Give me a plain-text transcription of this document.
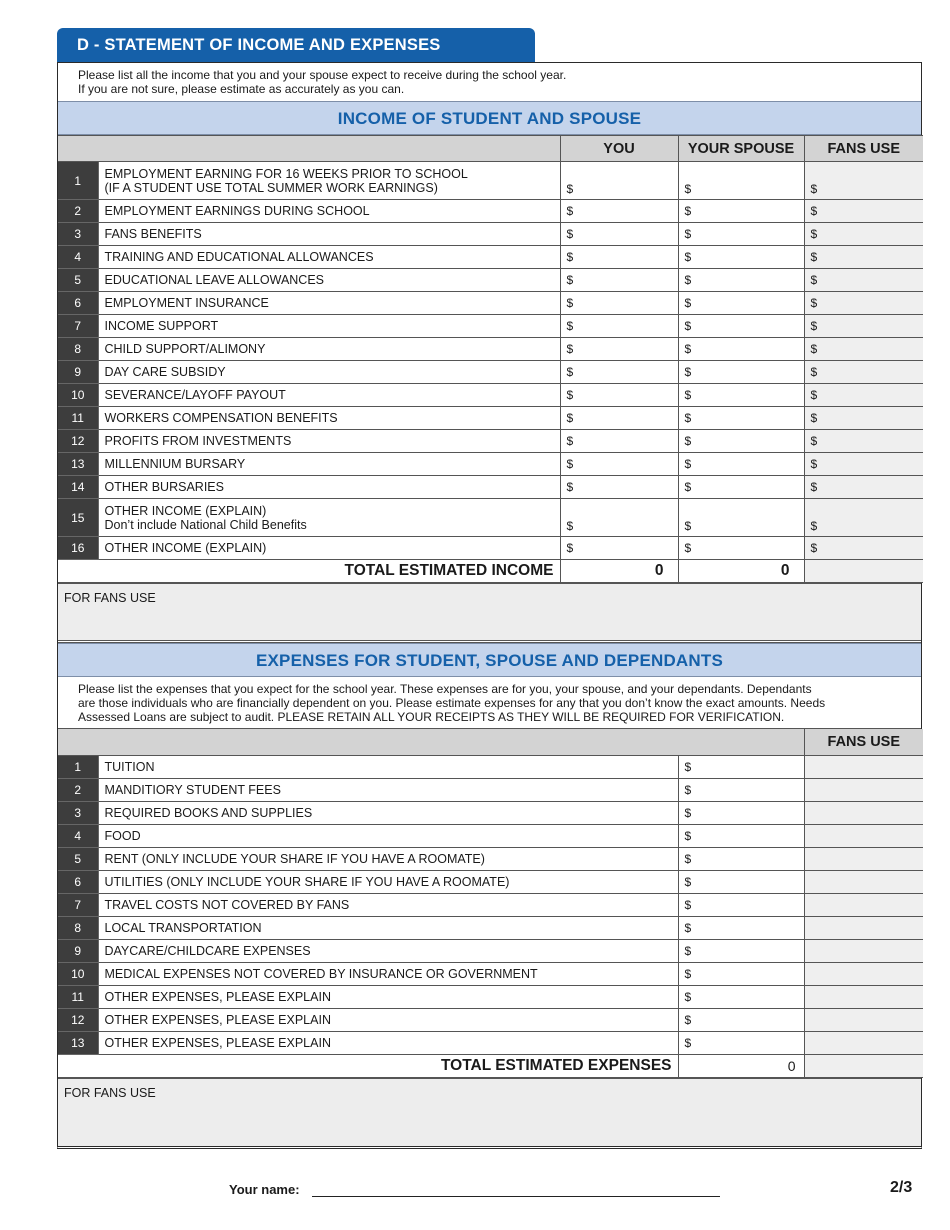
D - STATEMENT OF INCOME AND EXPENSES
Please list all the income that you and your spouse expect to receive during the school year.
If you are not sure, please estimate as accurately as you can.
INCOME OF STUDENT AND SPOUSE
		YOU	YOUR SPOUSE	FANS USE
1	EMPLOYMENT EARNING FOR 16 WEEKS PRIOR TO SCHOOL
(IF A STUDENT USE TOTAL SUMMER WORK EARNINGS)	$	$	$
2	EMPLOYMENT EARNINGS DURING SCHOOL	$	$	$
3	FANS BENEFITS	$	$	$
4	TRAINING AND EDUCATIONAL ALLOWANCES	$	$	$
5	EDUCATIONAL LEAVE ALLOWANCES	$	$	$
6	EMPLOYMENT INSURANCE	$	$	$
7	INCOME SUPPORT	$	$	$
8	CHILD SUPPORT/ALIMONY	$	$	$
9	DAY CARE SUBSIDY	$	$	$
10	SEVERANCE/LAYOFF PAYOUT	$	$	$
11	WORKERS COMPENSATION BENEFITS	$	$	$
12	PROFITS FROM INVESTMENTS	$	$	$
13	MILLENNIUM BURSARY	$	$	$
14	OTHER BURSARIES	$	$	$
15	OTHER INCOME (EXPLAIN)
Don’t include National Child Benefits	$	$	$
16	OTHER INCOME (EXPLAIN)	$	$	$
TOTAL ESTIMATED INCOME		0	0	
FOR FANS USE
EXPENSES FOR STUDENT, SPOUSE AND DEPENDANTS
Please list the expenses that you expect for the school year. These expenses are for you, your spouse, and your dependants. Dependants
are those individuals who are financially dependent on you. Please estimate expenses for any that you don’t know the exact amounts. Needs
Assessed Loans are subject to audit. PLEASE RETAIN ALL YOUR RECEIPTS AS THEY WILL BE REQUIRED FOR VERIFICATION.
			FANS USE
1	TUITION	$	
2	MANDITIORY STUDENT FEES	$	
3	REQUIRED BOOKS AND SUPPLIES	$	
4	FOOD	$	
5	RENT (ONLY INCLUDE YOUR SHARE IF YOU HAVE A ROOMATE)	$	
6	UTILITIES (ONLY INCLUDE YOUR SHARE IF YOU HAVE A ROOMATE)	$	
7	TRAVEL COSTS NOT COVERED BY FANS	$	
8	LOCAL TRANSPORTATION	$	
9	DAYCARE/CHILDCARE EXPENSES	$	
10	MEDICAL EXPENSES NOT COVERED BY INSURANCE OR GOVERNMENT	$	
11	OTHER EXPENSES, PLEASE EXPLAIN	$	
12	OTHER EXPENSES, PLEASE EXPLAIN	$	
13	OTHER EXPENSES, PLEASE EXPLAIN	$	
TOTAL ESTIMATED EXPENSES		0	
FOR FANS USE
Your name:	2/3
